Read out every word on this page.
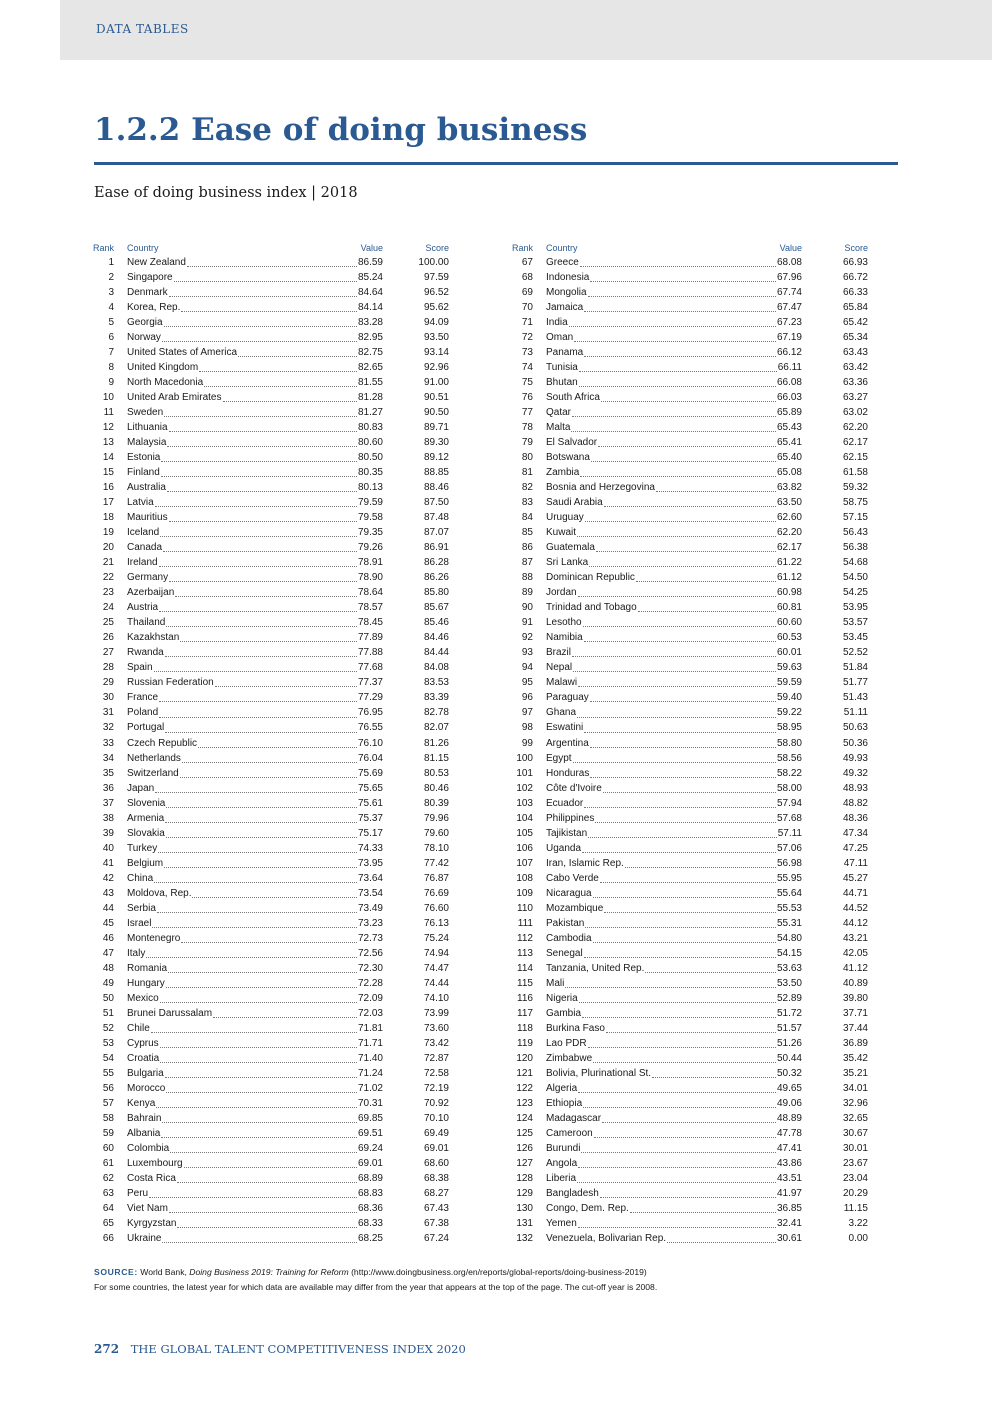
DATA TABLES
1.2.2 Ease of doing business
Ease of doing business index | 2018
Rank Country	Value	Score
1 New Zealand	86.59	100.00
2 Singapore	85.24	97.59
3 Denmark	84.64	96.52
4 Korea, Rep.	84.14	95.62
5 Georgia	83.28	94.09
6 Norway	82.95	93.50
7 United States of America	82.75	93.14
8 United Kingdom	82.65	92.96
9 North Macedonia	81.55	91.00
10 United Arab Emirates	81.28	90.51
11 Sweden	81.27	90.50
12 Lithuania	80.83	89.71
13 Malaysia	80.60	89.30
14 Estonia	80.50	89.12
15 Finland	80.35	88.85
16 Australia	80.13	88.46
17 Latvia	79.59	87.50
18 Mauritius	79.58	87.48
19 Iceland	79.35	87.07
20 Canada	79.26	86.91
21 Ireland	78.91	86.28
22 Germany	78.90	86.26
23 Azerbaijan	78.64	85.80
24 Austria	78.57	85.67
25 Thailand	78.45	85.46
26 Kazakhstan	77.89	84.46
27 Rwanda	77.88	84.44
28 Spain	77.68	84.08
29 Russian Federation	77.37	83.53
30 France	77.29	83.39
31 Poland	76.95	82.78
32 Portugal	76.55	82.07
33 Czech Republic	76.10	81.26
34 Netherlands	76.04	81.15
35 Switzerland	75.69	80.53
36 Japan	75.65	80.46
37 Slovenia	75.61	80.39
38 Armenia	75.37	79.96
39 Slovakia	75.17	79.60
40 Turkey	74.33	78.10
41 Belgium	73.95	77.42
42 China	73.64	76.87
43 Moldova, Rep.	73.54	76.69
44 Serbia	73.49	76.60
45 Israel	73.23	76.13
46 Montenegro	72.73	75.24
47 Italy	72.56	74.94
48 Romania	72.30	74.47
49 Hungary	72.28	74.44
50 Mexico	72.09	74.10
51 Brunei Darussalam	72.03	73.99
52 Chile	71.81	73.60
53 Cyprus	71.71	73.42
54 Croatia	71.40	72.87
55 Bulgaria	71.24	72.58
56 Morocco	71.02	72.19
57 Kenya	70.31	70.92
58 Bahrain	69.85	70.10
59 Albania	69.51	69.49
60 Colombia	69.24	69.01
61 Luxembourg	69.01	68.60
62 Costa Rica	68.89	68.38
63 Peru	68.83	68.27
64 Viet Nam	68.36	67.43
65 Kyrgyzstan	68.33	67.38
66 Ukraine	68.25	67.24
Rank Country	Value	Score
67 Greece	68.08	66.93
68 Indonesia	67.96	66.72
69 Mongolia	67.74	66.33
70 Jamaica	67.47	65.84
71 India	67.23	65.42
72 Oman	67.19	65.34
73 Panama	66.12	63.43
74 Tunisia	66.11	63.42
75 Bhutan	66.08	63.36
76 South Africa	66.03	63.27
77 Qatar	65.89	63.02
78 Malta	65.43	62.20
79 El Salvador	65.41	62.17
80 Botswana	65.40	62.15
81 Zambia	65.08	61.58
82 Bosnia and Herzegovina	63.82	59.32
83 Saudi Arabia	63.50	58.75
84 Uruguay	62.60	57.15
85 Kuwait	62.20	56.43
86 Guatemala	62.17	56.38
87 Sri Lanka	61.22	54.68
88 Dominican Republic	61.12	54.50
89 Jordan	60.98	54.25
90 Trinidad and Tobago	60.81	53.95
91 Lesotho	60.60	53.57
92 Namibia	60.53	53.45
93 Brazil	60.01	52.52
94 Nepal	59.63	51.84
95 Malawi	59.59	51.77
96 Paraguay	59.40	51.43
97 Ghana	59.22	51.11
98 Eswatini	58.95	50.63
99 Argentina	58.80	50.36
100 Egypt	58.56	49.93
101 Honduras	58.22	49.32
102 Côte d'Ivoire	58.00	48.93
103 Ecuador	57.94	48.82
104 Philippines	57.68	48.36
105 Tajikistan	57.11	47.34
106 Uganda	57.06	47.25
107 Iran, Islamic Rep.	56.98	47.11
108 Cabo Verde	55.95	45.27
109 Nicaragua	55.64	44.71
110 Mozambique	55.53	44.52
111 Pakistan	55.31	44.12
112 Cambodia	54.80	43.21
113 Senegal	54.15	42.05
114 Tanzania, United Rep.	53.63	41.12
115 Mali	53.50	40.89
116 Nigeria	52.89	39.80
117 Gambia	51.72	37.71
118 Burkina Faso	51.57	37.44
119 Lao PDR	51.26	36.89
120 Zimbabwe	50.44	35.42
121 Bolivia, Plurinational St.	50.32	35.21
122 Algeria	49.65	34.01
123 Ethiopia	49.06	32.96
124 Madagascar	48.89	32.65
125 Cameroon	47.78	30.67
126 Burundi	47.41	30.01
127 Angola	43.86	23.67
128 Liberia	43.51	23.04
129 Bangladesh	41.97	20.29
130 Congo, Dem. Rep.	36.85	11.15
131 Yemen	32.41	3.22
132 Venezuela, Bolivarian Rep.	30.61	0.00
SOURCE: World Bank, Doing Business 2019: Training for Reform (http://www.doingbusiness.org/en/reports/global-reports/doing-business-2019)
For some countries, the latest year for which data are available may differ from the year that appears at the top of the page. The cut-off year is 2008.
272 THE GLOBAL TALENT COMPETITIVENESS INDEX 2020
